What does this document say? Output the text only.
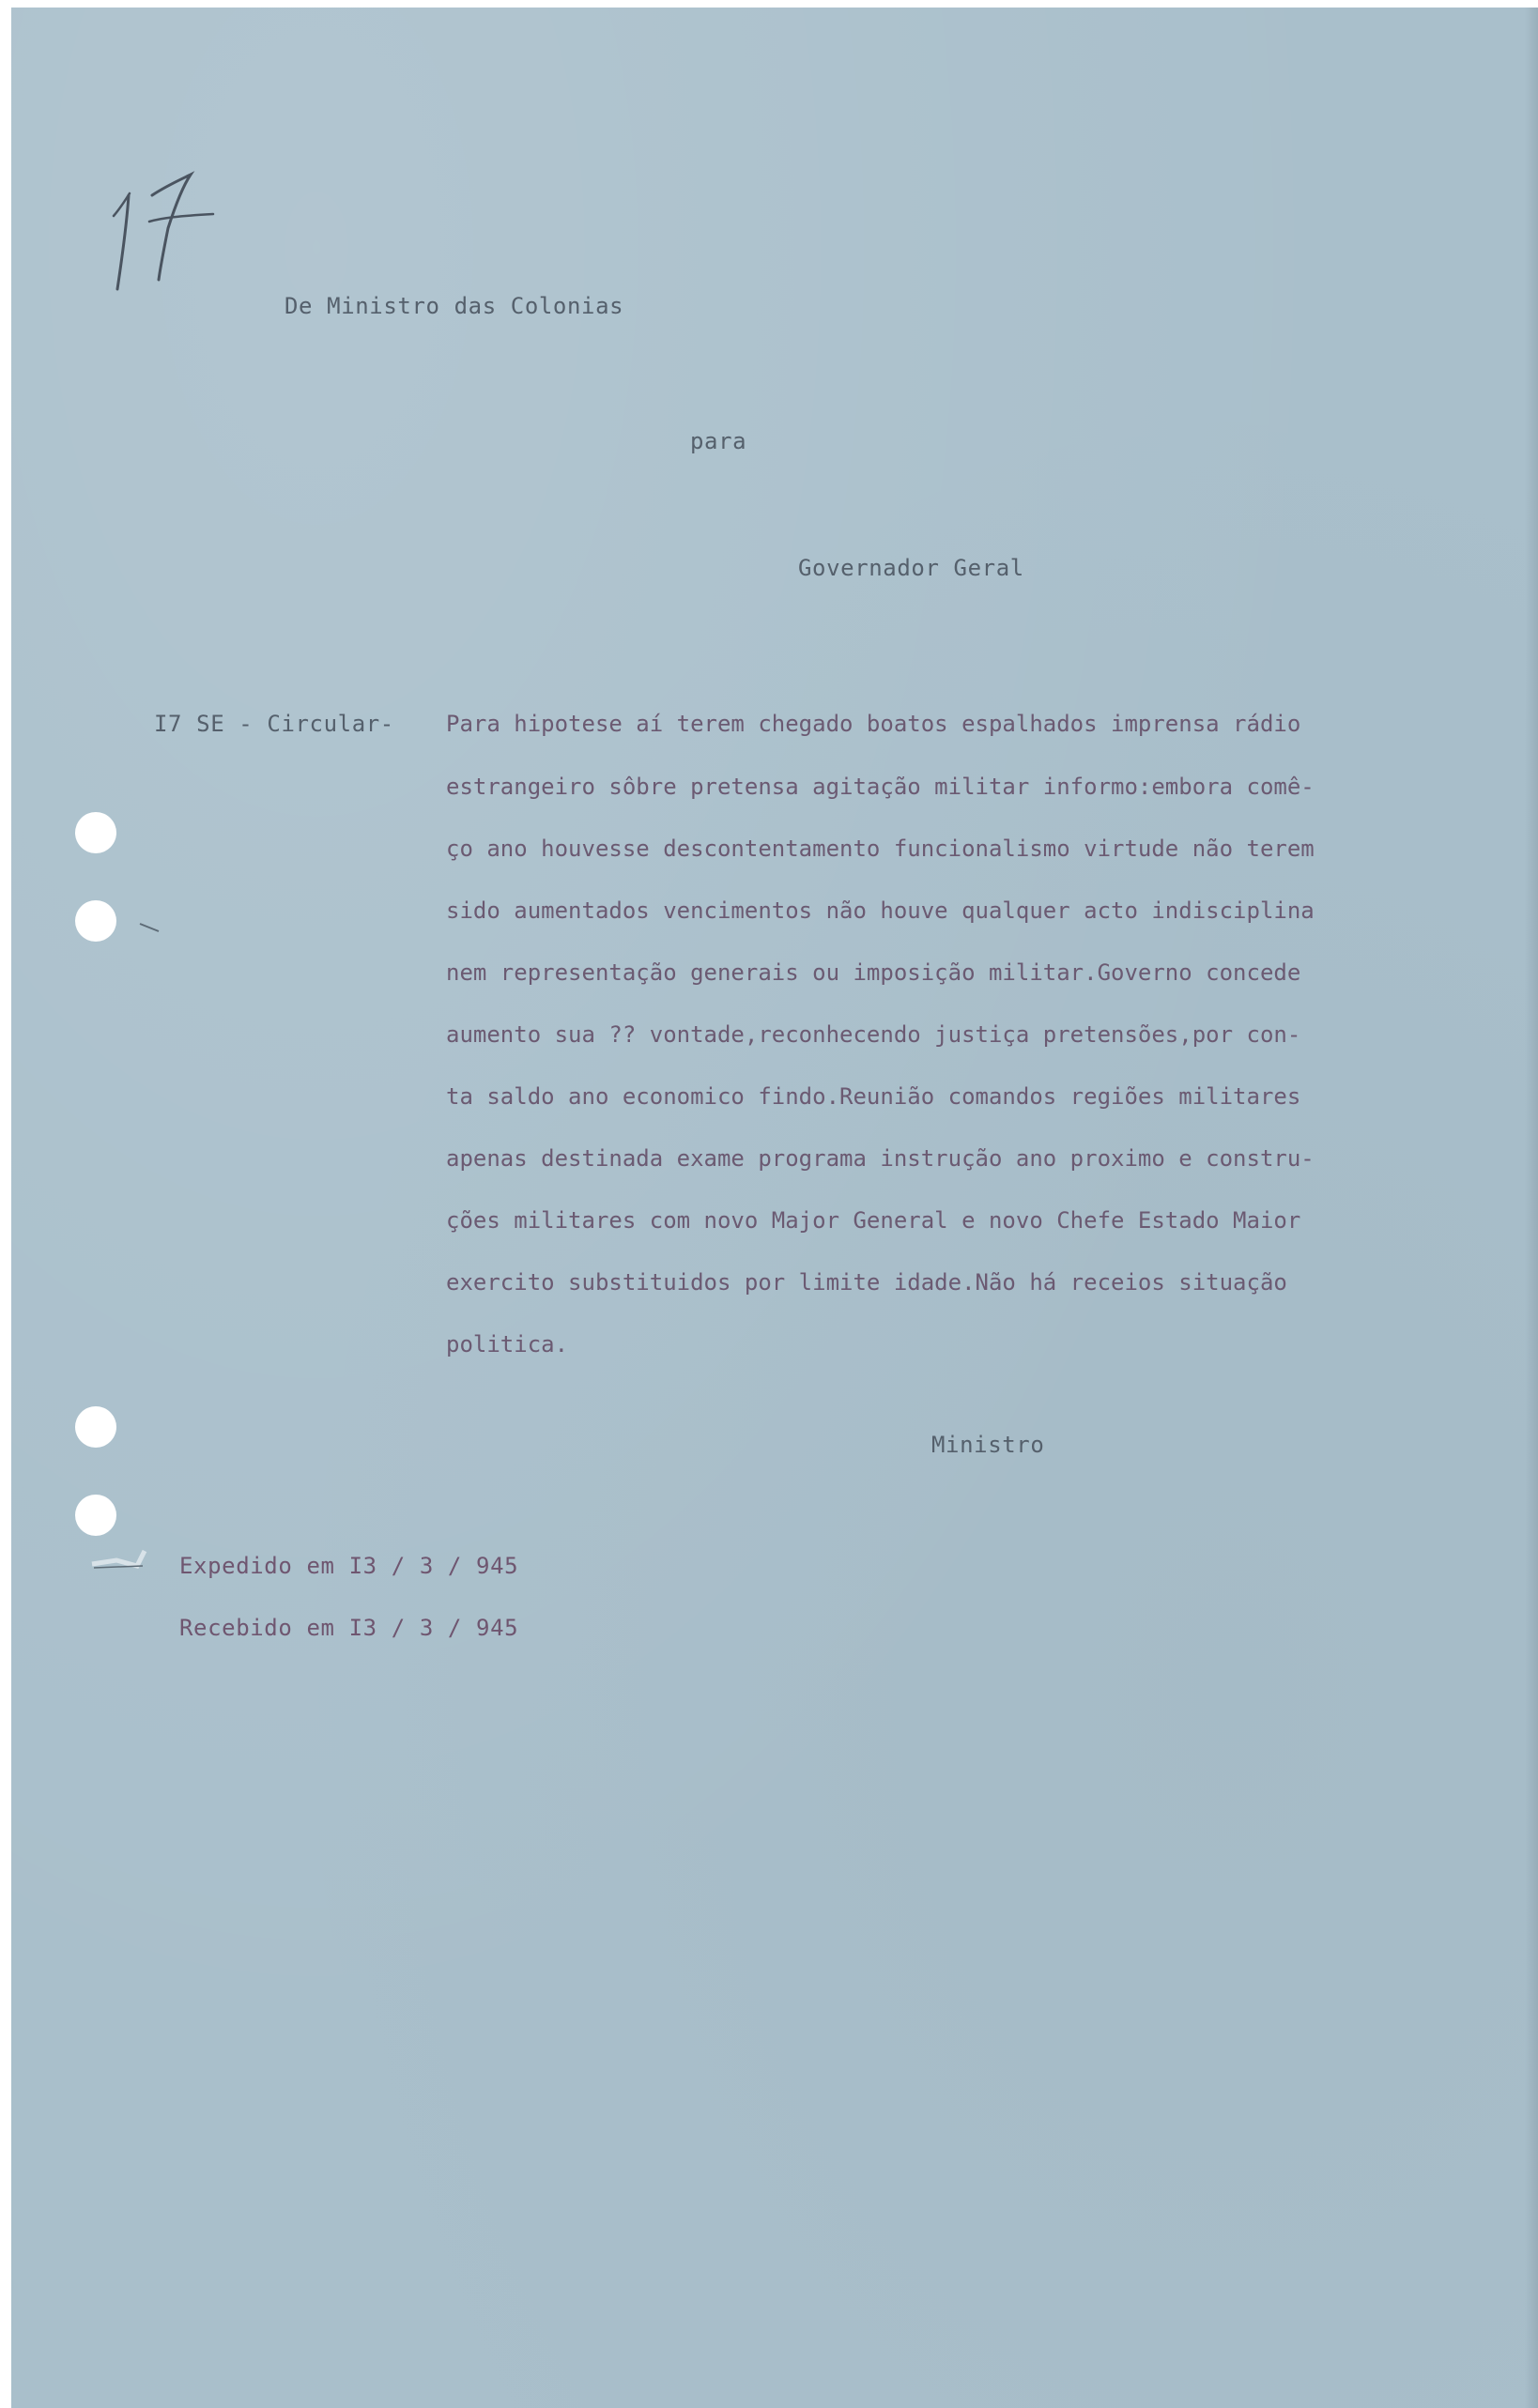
De Ministro das Colonias
para
Governador Geral
I7 SE - Circular- Para hipotese aí terem chegado boatos espalhados imprensa rádio
estrangeiro sôbre pretensa agitação militar informo:embora comê-
ço ano houvesse descontentamento funcionalismo virtude não terem
sido aumentados vencimentos não houve qualquer acto indisciplina
nem representação generais ou imposição militar.Governo concede
aumento sua ?? vontade,reconhecendo justiça pretensões,por con-
ta saldo ano economico findo.Reunião comandos regiões militares
apenas destinada exame programa instrução ano proximo e constru-
ções militares com novo Major General e novo Chefe Estado Maior
exercito substituidos por limite idade.Não há receios situação
politica.
Ministro
Expedido em I3 / 3 / 945
Recebido em I3 / 3 / 945
